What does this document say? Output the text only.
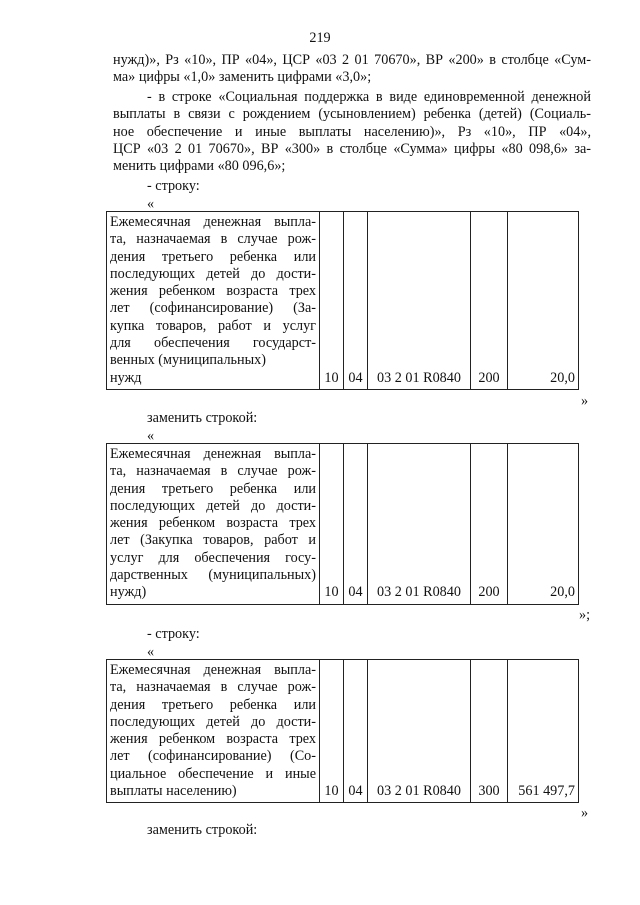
219
нужд)», Рз «10», ПР «04», ЦСР «03 2 01 70670», ВР «200» в столбце «Сум-
ма» цифры «1,0» заменить цифрами «3,0»;
- в строке «Социальная поддержка в виде единовременной денежной
выплаты в связи с рождением (усыновлением) ребенка (детей) (Социаль-
ное обеспечение и иные выплаты населению)», Рз «10», ПР «04»,
ЦСР «03 2 01 70670», ВР «300» в столбце «Сумма» цифры «80 098,6» за-
менить цифрами «80 096,6»;
- строку:
«
Ежемесячная денежная выпла-
та, назначаемая в случае рож-
дения третьего ребенка или
последующих детей до дости-
жения ребенком возраста трех
лет (софинансирование) (За-
купка товаров, работ и услуг
для обеспечения государст-
венных (муниципальных)
нужд	10	04	03 2 01 R0840	200	20,0
»
заменить строкой:
«
Ежемесячная денежная выпла-
та, назначаемая в случае рож-
дения третьего ребенка или
последующих детей до дости-
жения ребенком возраста трех
лет (Закупка товаров, работ и
услуг для обеспечения госу-
дарственных (муниципальных)
нужд)	10	04	03 2 01 R0840	200	20,0
»;
- строку:
«
Ежемесячная денежная выпла-
та, назначаемая в случае рож-
дения третьего ребенка или
последующих детей до дости-
жения ребенком возраста трех
лет (софинансирование) (Со-
циальное обеспечение и иные
выплаты населению)	10	04	03 2 01 R0840	300	561 497,7
»
заменить строкой:
